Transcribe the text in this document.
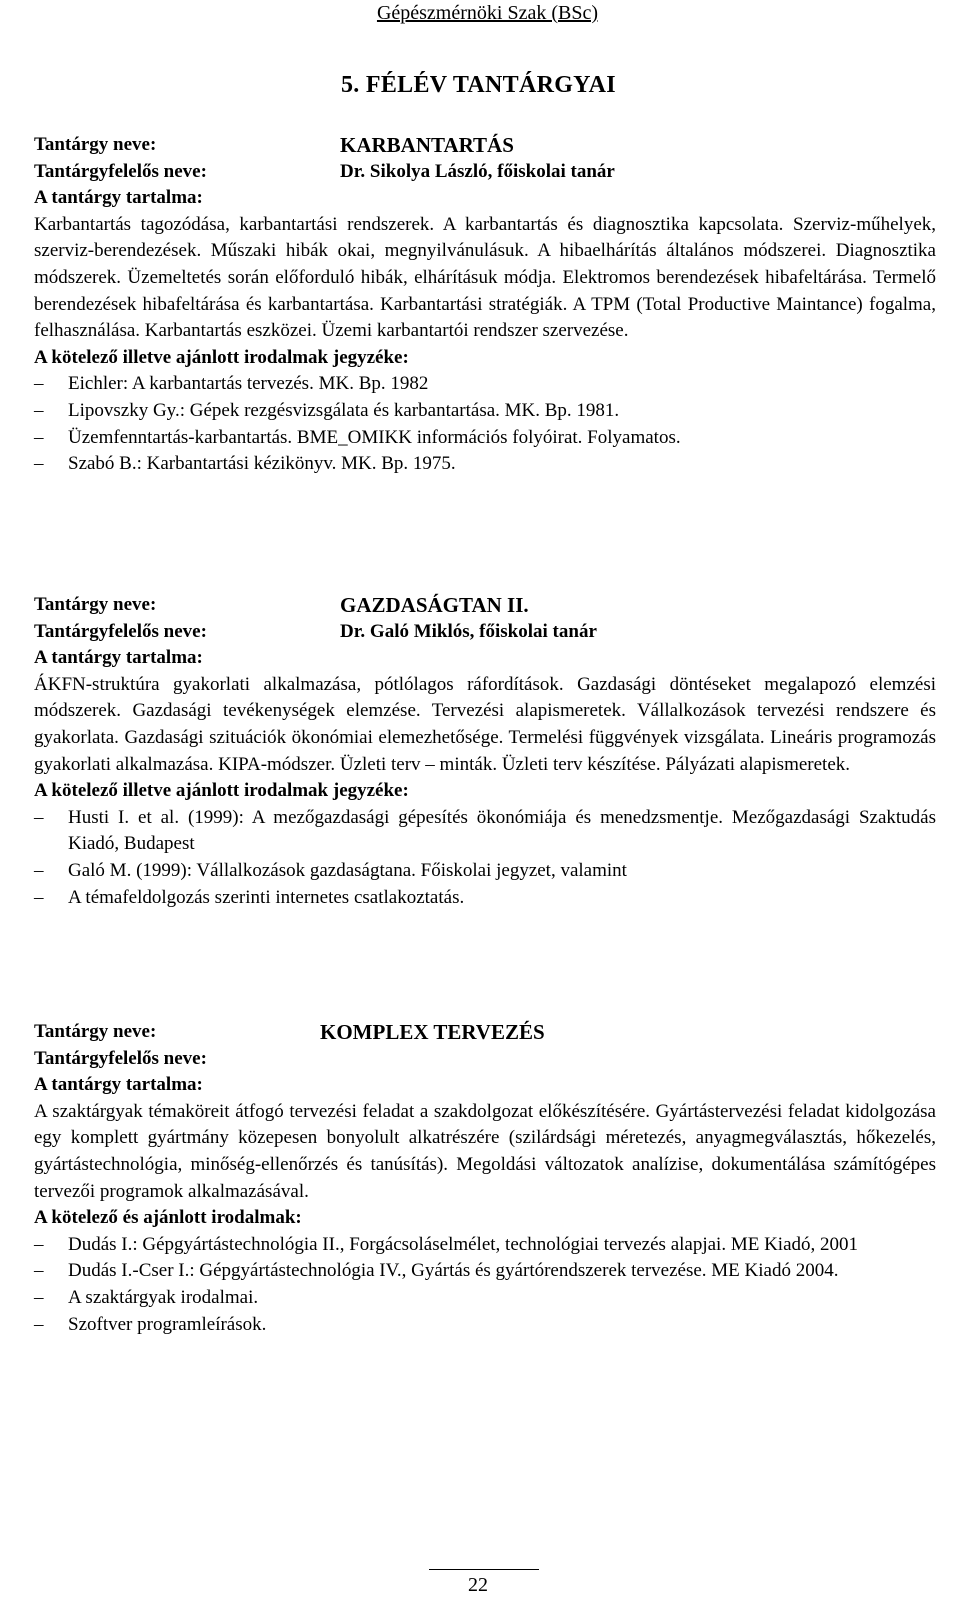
Gépészmérnöki Szak (BSc)
5. FÉLÉV TANTÁRGYAI
Tantárgy neve:	KARBANTARTÁS
Tantárgyfelelős neve:	Dr. Sikolya László, főiskolai tanár
A tantárgy tartalma:

Karbantartás tagozódása, karbantartási rendszerek. A karbantartás és diagnosztika kapcsolata. Szerviz-műhelyek, szerviz-berendezések. Műszaki hibák okai, megnyilvánulásuk. A hibaelhárítás általános módszerei. Diagnosztika módszerek. Üzemeltetés során előforduló hibák, elhárításuk módja. Elektromos berendezések hibafeltárása. Termelő berendezések hibafeltárása és karbantartása. Karbantartási stratégiák. A TPM (Total Productive Maintance) fogalma, felhasználása. Karbantartás eszközei. Üzemi karbantartói rendszer szervezése.

A kötelező illetve ajánlott irodalmak jegyzéke:
– Eichler: A karbantartás tervezés. MK. Bp. 1982
– Lipovszky Gy.: Gépek rezgésvizsgálata és karbantartása. MK. Bp. 1981.
– Üzemfenntartás-karbantartás. BME_OMIKK információs folyóirat. Folyamatos.
– Szabó B.: Karbantartási kézikönyv. MK. Bp. 1975.
Tantárgy neve:	GAZDASÁGTAN II.
Tantárgyfelelős neve:	Dr. Galó Miklós, főiskolai tanár
A tantárgy tartalma:

ÁKFN-struktúra gyakorlati alkalmazása, pótlólagos ráfordítások. Gazdasági döntéseket megalapozó elemzési módszerek. Gazdasági tevékenységek elemzése. Tervezési alapismeretek. Vállalkozások tervezési rendszere és gyakorlata. Gazdasági szituációk ökonómiai elemezhetősége. Termelési függvények vizsgálata. Lineáris programozás gyakorlati alkalmazása. KIPA-módszer. Üzleti terv – minták. Üzleti terv készítése. Pályázati alapismeretek.

A kötelező illetve ajánlott irodalmak jegyzéke:
– Husti I. et al. (1999): A mezőgazdasági gépesítés ökonómiája és menedzsmentje. Mezőgazdasági Szaktudás Kiadó, Budapest
– Galó M. (1999): Vállalkozások gazdaságtana. Főiskolai jegyzet, valamint
– A témafeldolgozás szerinti internetes csatlakoztatás.
Tantárgy neve:	KOMPLEX TERVEZÉS
Tantárgyfelelős neve:
A tantárgy tartalma:

A szaktárgyak témaköreit átfogó tervezési feladat a szakdolgozat előkészítésére. Gyártástervezési feladat kidolgozása egy komplett gyártmány közepesen bonyolult alkatrészére (szilárdsági méretezés, anyagmegválasztás, hőkezelés, gyártástechnológia, minőség-ellenőrzés és tanúsítás). Megoldási változatok analízise, dokumentálása számítógépes tervezői programok alkalmazásával.

A kötelező és ajánlott irodalmak:
– Dudás I.: Gépgyártástechnológia II., Forgácsoláselmélet, technológiai tervezés alapjai. ME Kiadó, 2001
– Dudás I.-Cser I.: Gépgyártástechnológia IV., Gyártás és gyártórendszerek tervezése. ME Kiadó 2004.
– A szaktárgyak irodalmai.
– Szoftver programleírások.
22
